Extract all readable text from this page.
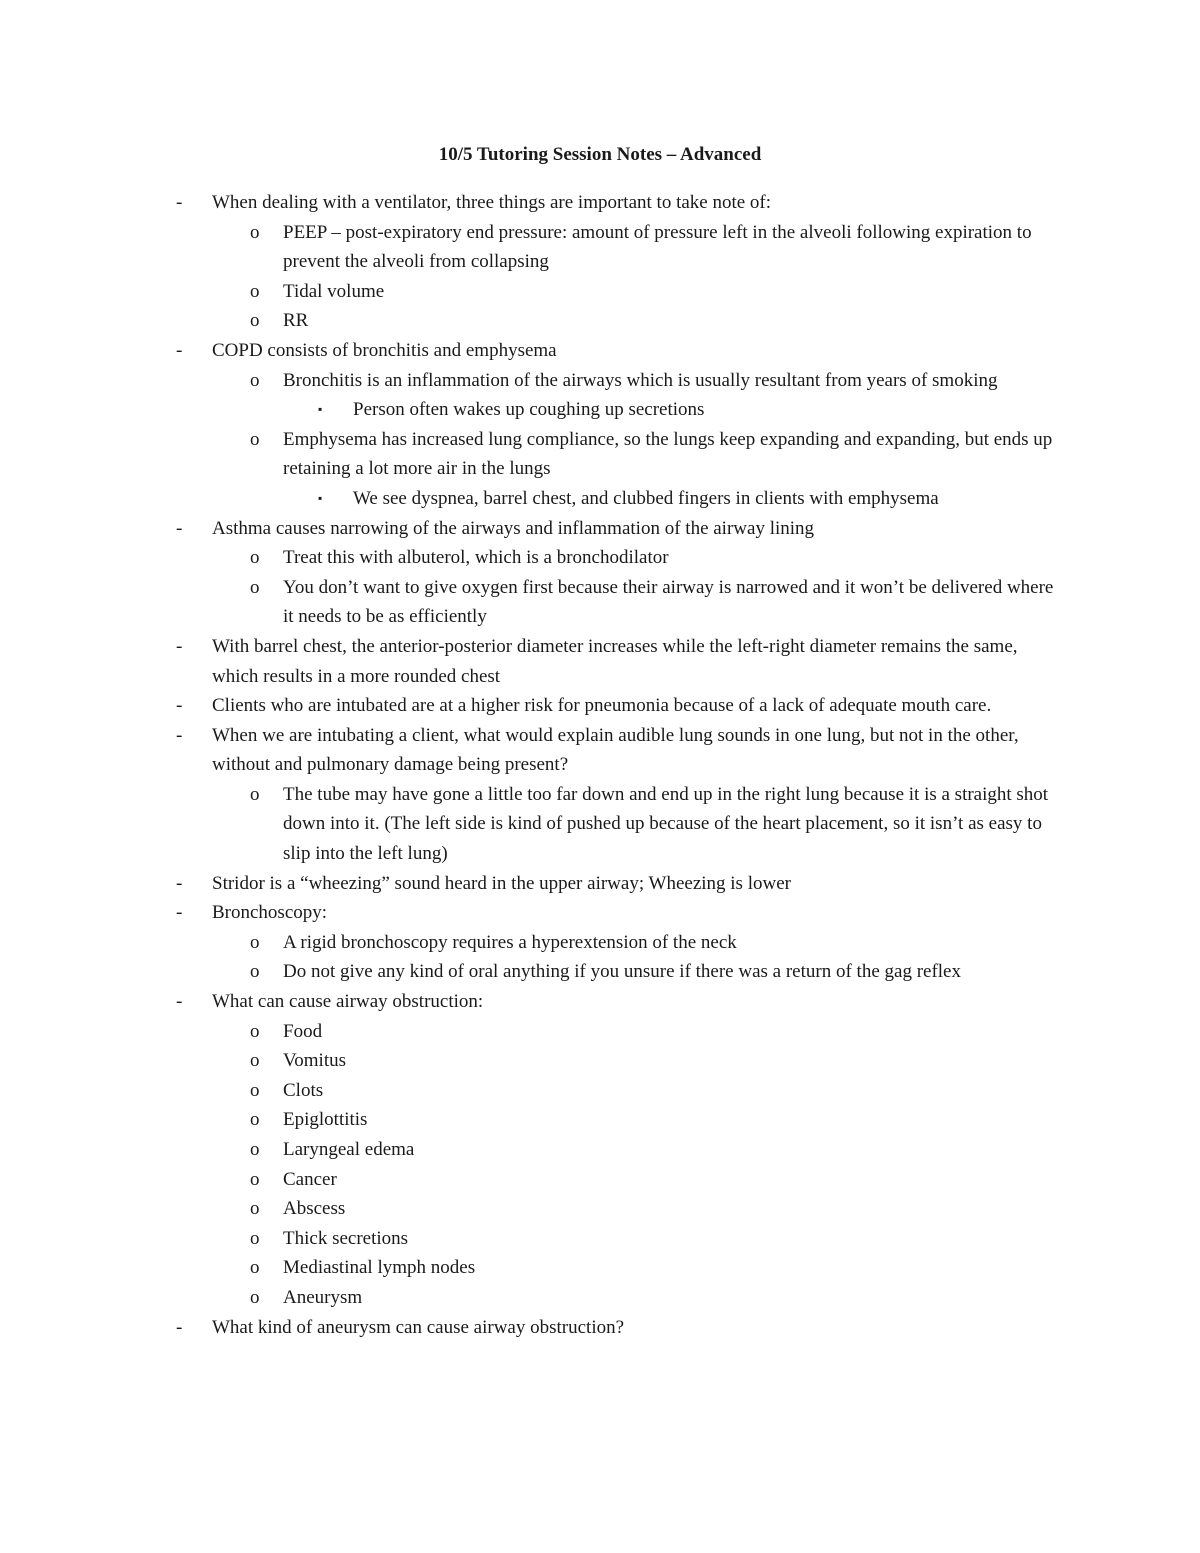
10/5 Tutoring Session Notes – Advanced
- When dealing with a ventilator, three things are important to take note of:
o PEEP – post-expiratory end pressure: amount of pressure left in the alveoli following expiration to prevent the alveoli from collapsing
o Tidal volume
o RR
- COPD consists of bronchitis and emphysema
o Bronchitis is an inflammation of the airways which is usually resultant from years of smoking
▪ Person often wakes up coughing up secretions
o Emphysema has increased lung compliance, so the lungs keep expanding and expanding, but ends up retaining a lot more air in the lungs
▪ We see dyspnea, barrel chest, and clubbed fingers in clients with emphysema
- Asthma causes narrowing of the airways and inflammation of the airway lining
o Treat this with albuterol, which is a bronchodilator
o You don’t want to give oxygen first because their airway is narrowed and it won’t be delivered where it needs to be as efficiently
- With barrel chest, the anterior-posterior diameter increases while the left-right diameter remains the same, which results in a more rounded chest
- Clients who are intubated are at a higher risk for pneumonia because of a lack of adequate mouth care.
- When we are intubating a client, what would explain audible lung sounds in one lung, but not in the other, without and pulmonary damage being present?
o The tube may have gone a little too far down and end up in the right lung because it is a straight shot down into it. (The left side is kind of pushed up because of the heart placement, so it isn’t as easy to slip into the left lung)
- Stridor is a “wheezing” sound heard in the upper airway; Wheezing is lower
- Bronchoscopy:
o A rigid bronchoscopy requires a hyperextension of the neck
o Do not give any kind of oral anything if you unsure if there was a return of the gag reflex
- What can cause airway obstruction:
o Food
o Vomitus
o Clots
o Epiglottitis
o Laryngeal edema
o Cancer
o Abscess
o Thick secretions
o Mediastinal lymph nodes
o Aneurysm
- What kind of aneurysm can cause airway obstruction?
